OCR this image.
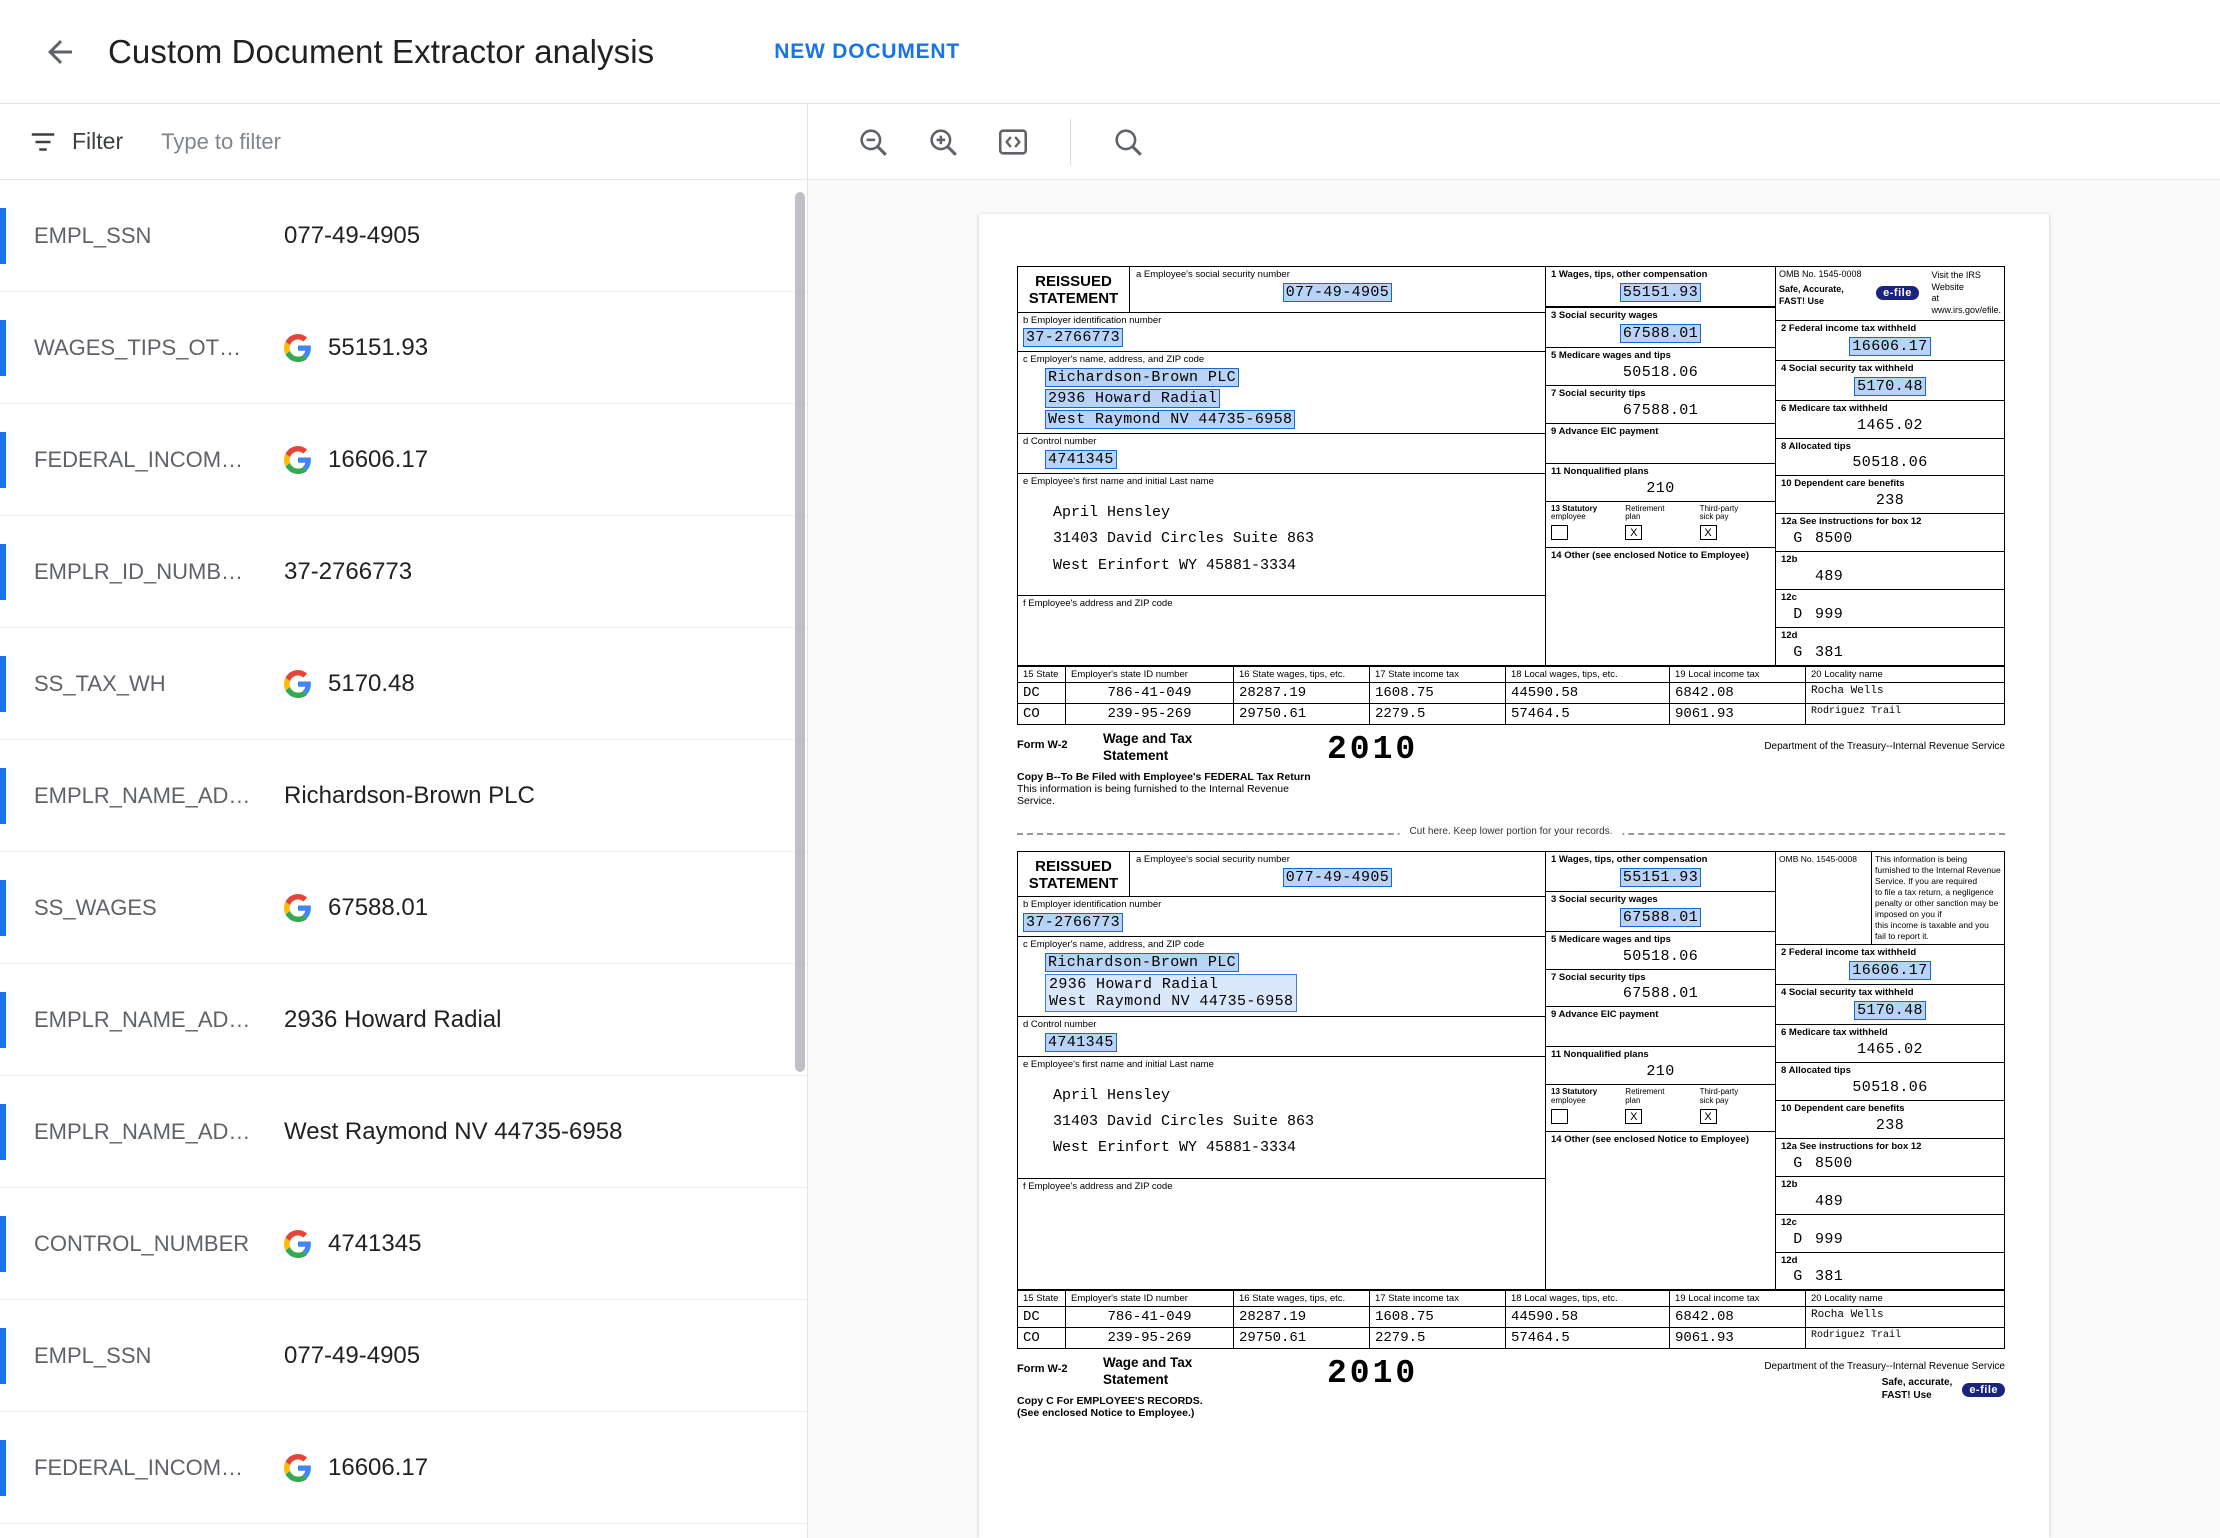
Custom Document Extractor analysis	NEW DOCUMENT
Filter
Type to filter
EMPL_SSN	077-49-4905
WAGES_TIPS_OT…	55151.93
FEDERAL_INCOM…	16606.17
EMPLR_ID_NUMB…	37-2766773
SS_TAX_WH	5170.48
EMPLR_NAME_AD…	Richardson-Brown PLC
SS_WAGES	67588.01
EMPLR_NAME_AD…	2936 Howard Radial
EMPLR_NAME_AD…	West Raymond NV 44735-6958
CONTROL_NUMBER	4741345
EMPL_SSN	077-49-4905
FEDERAL_INCOM…	16606.17
REISSUED
STATEMENT
a Employee's social security number
077-49-4905
b Employer identification number
37-2766773
c Employer's name, address, and ZIP code
Richardson-Brown PLC
2936 Howard Radial
West Raymond NV 44735-6958
d Control number
4741345
e Employee's first name and initial Last name
April Hensley
31403 David Circles Suite 863
West Erinfort WY 45881-3334
f Employee's address and ZIP code
1 Wages, tips, other compensation
55151.93
3 Social security wages
67588.01
5 Medicare wages and tips
50518.06
7 Social security tips
67588.01
9 Advance EIC payment
11 Nonqualified plans
210
13 Statutory
employee
Retirement
plan
Third-party
sick pay
X	X
14 Other (see enclosed Notice to Employee)
OMB No. 1545-0008
Safe, Accurate,
FAST! Use
e-file
Visit the IRS Website
at www.irs.gov/efile.
2 Federal income tax withheld
16606.17
4 Social security tax withheld
5170.48
6 Medicare tax withheld
1465.02
8 Allocated tips
50518.06
10 Dependent care benefits
238
12a See instructions for box 12
G 8500
12b
489
12c
D 999
12d
G 381
15 State	Employer's state ID number	16 State wages, tips, etc.	17 State income tax	18 Local wages, tips, etc.	19 Local income tax	20 Locality name
DC	786-41-049	28287.19	1608.75	44590.58	6842.08	Rocha Wells
CO	239-95-269	29750.61	2279.5	57464.5	9061.93	Rodriguez Trail
Form W-2	Wage and Tax
Statement
Copy B--To Be Filed with Employee's FEDERAL Tax Return
This information is being furnished to the Internal Revenue Service.
2010	Department of the Treasury--Internal Revenue Service
Cut here. Keep lower portion for your records.
REISSUED
STATEMENT
a Employee's social security number
077-49-4905
b Employer identification number
37-2766773
c Employer's name, address, and ZIP code
Richardson-Brown PLC
2936 Howard Radial
West Raymond NV 44735-6958
d Control number
4741345
e Employee's first name and initial Last name
April Hensley
31403 David Circles Suite 863
West Erinfort WY 45881-3334
f Employee's address and ZIP code
1 Wages, tips, other compensation
55151.93
3 Social security wages
67588.01
5 Medicare wages and tips
50518.06
7 Social security tips
67588.01
9 Advance EIC payment
11 Nonqualified plans
210
13 Statutory
employee
Retirement
plan
Third-party
sick pay
X	X
14 Other (see enclosed Notice to Employee)
OMB No. 1545-0008	This information is being furnished to the Internal Revenue Service. If you are required
to file a tax return, a negligence penalty or other sanction may be imposed on you if
this income is taxable and you fail to report it.
2 Federal income tax withheld
16606.17
4 Social security tax withheld
5170.48
6 Medicare tax withheld
1465.02
8 Allocated tips
50518.06
10 Dependent care benefits
238
12a See instructions for box 12
G 8500
12b
489
12c
D 999
12d
G 381
15 State	Employer's state ID number	16 State wages, tips, etc.	17 State income tax	18 Local wages, tips, etc.	19 Local income tax	20 Locality name
DC	786-41-049	28287.19	1608.75	44590.58	6842.08	Rocha Wells
CO	239-95-269	29750.61	2279.5	57464.5	9061.93	Rodriguez Trail
Form W-2	Wage and Tax
Statement
Copy C For EMPLOYEE'S RECORDS.
(See enclosed Notice to Employee.)
2010	Department of the Treasury--Internal Revenue Service
Safe, accurate,
FAST! Use	e-file
